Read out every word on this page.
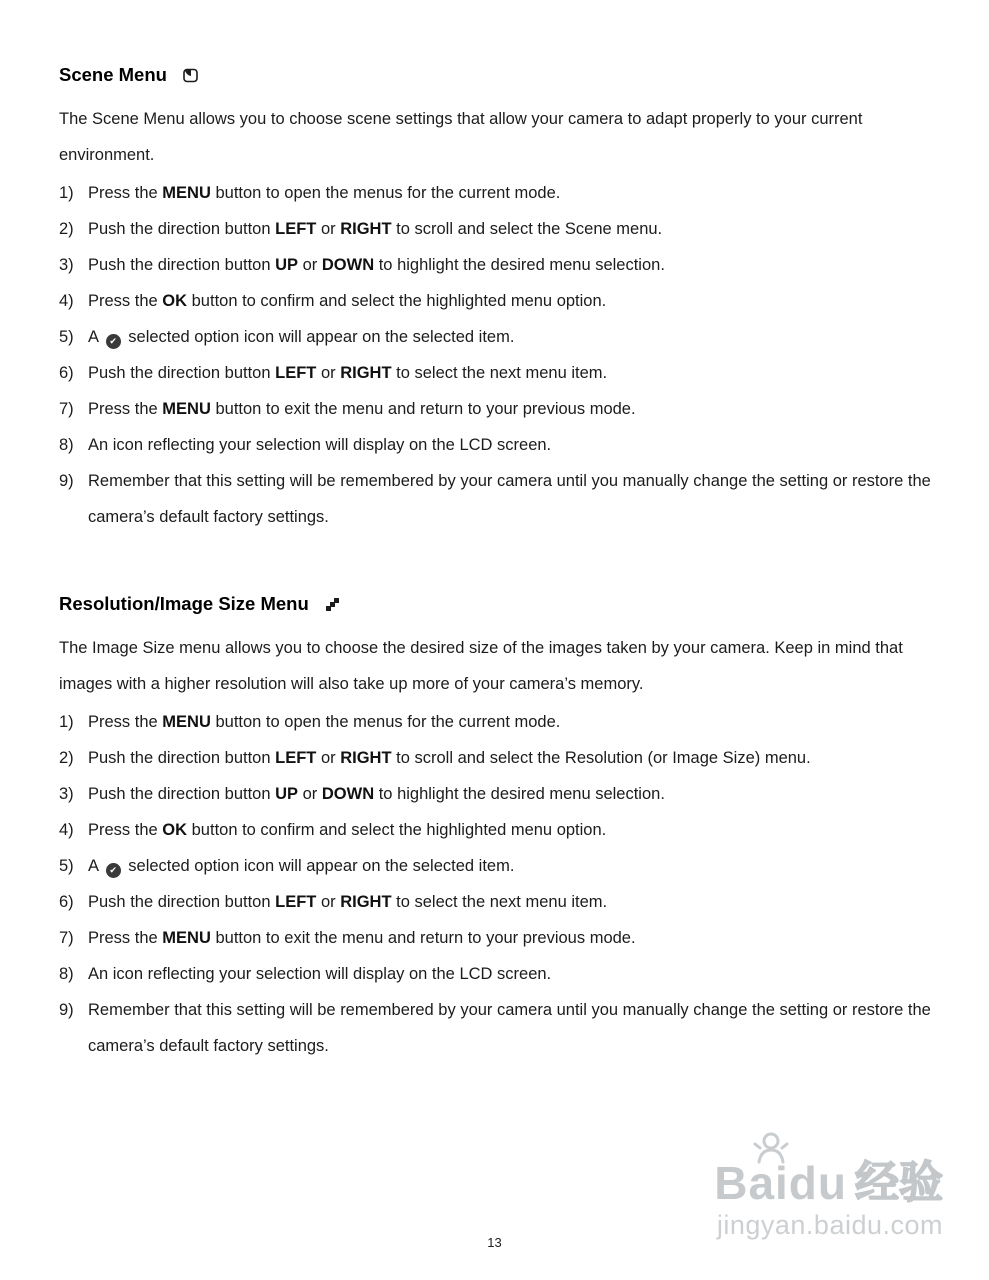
Scene Menu

The Scene Menu allows you to choose scene settings that allow your camera to adapt properly to your current environment.

1) Press the MENU button to open the menus for the current mode.
2) Push the direction button LEFT or RIGHT to scroll and select the Scene menu.
3) Push the direction button UP or DOWN to highlight the desired menu selection.
4) Press the OK button to confirm and select the highlighted menu option.
5) A ✔ selected option icon will appear on the selected item.
6) Push the direction button LEFT or RIGHT to select the next menu item.
7) Press the MENU button to exit the menu and return to your previous mode.
8) An icon reflecting your selection will display on the LCD screen.
9) Remember that this setting will be remembered by your camera until you manually change the setting or restore the camera’s default factory settings.
Resolution/Image Size Menu

The Image Size menu allows you to choose the desired size of the images taken by your camera. Keep in mind that images with a higher resolution will also take up more of your camera’s memory.

1) Press the MENU button to open the menus for the current mode.
2) Push the direction button LEFT or RIGHT to scroll and select the Resolution (or Image Size) menu.
3) Push the direction button UP or DOWN to highlight the desired menu selection.
4) Press the OK button to confirm and select the highlighted menu option.
5) A ✔ selected option icon will appear on the selected item.
6) Push the direction button LEFT or RIGHT to select the next menu item.
7) Press the MENU button to exit the menu and return to your previous mode.
8) An icon reflecting your selection will display on the LCD screen.
9) Remember that this setting will be remembered by your camera until you manually change the setting or restore the camera’s default factory settings.
Baidu 经验
jingyan.baidu.com
13
